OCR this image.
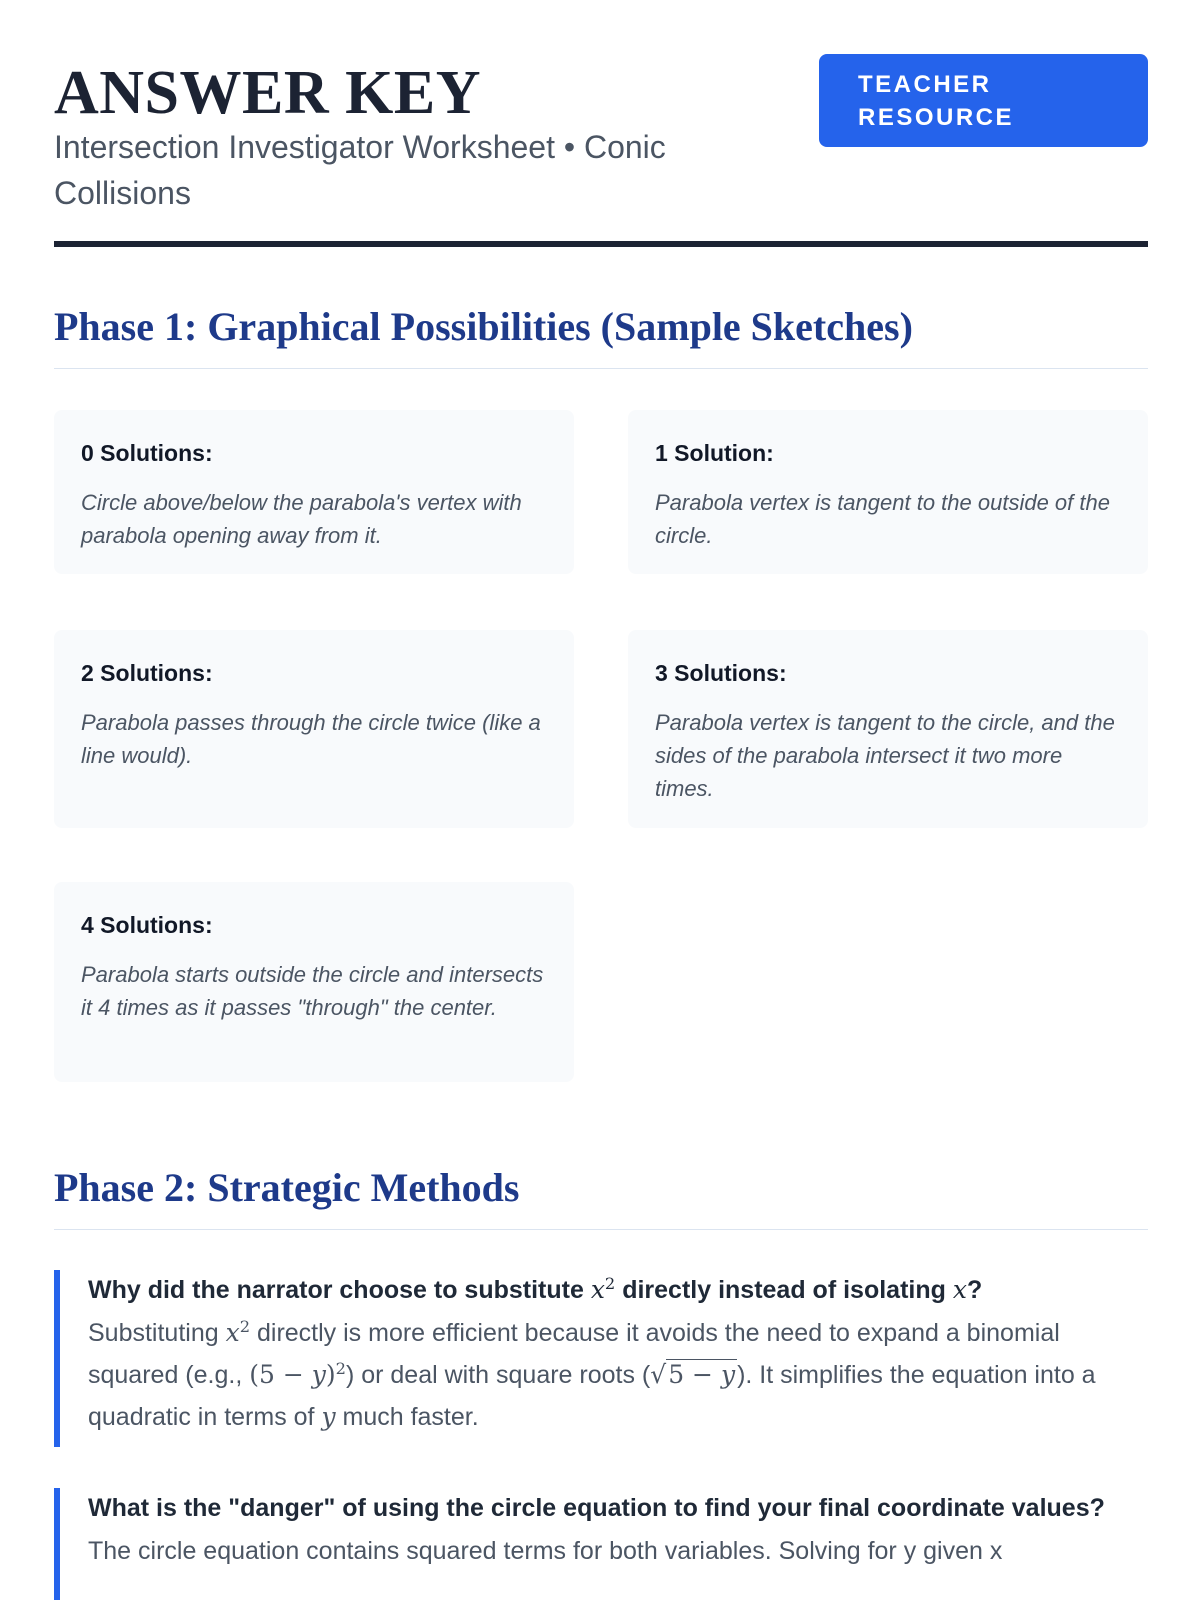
ANSWER KEY
Intersection Investigator Worksheet • Conic Collisions
TEACHER
RESOURCE
Phase 1: Graphical Possibilities (Sample Sketches)
0 Solutions:
Circle above/below the parabola's vertex with parabola opening away from it.
1 Solution:
Parabola vertex is tangent to the outside of the circle.
2 Solutions:
Parabola passes through the circle twice (like a line would).
3 Solutions:
Parabola vertex is tangent to the circle, and the sides of the parabola intersect it two more times.
4 Solutions:
Parabola starts outside the circle and intersects it 4 times as it passes "through" the center.
Phase 2: Strategic Methods
Why did the narrator choose to substitute $x^2$ directly instead of isolating x?
Substituting $x^2$ directly is more efficient because it avoids the need to expand a binomial squared (e.g., $(5 - y)^2$) or deal with square roots (√5 − y). It simplifies the equation into a quadratic in terms of y much faster.
What is the "danger" of using the circle equation to find your final coordinate values?
The circle equation contains squared terms for both variables. Solving for y given x
